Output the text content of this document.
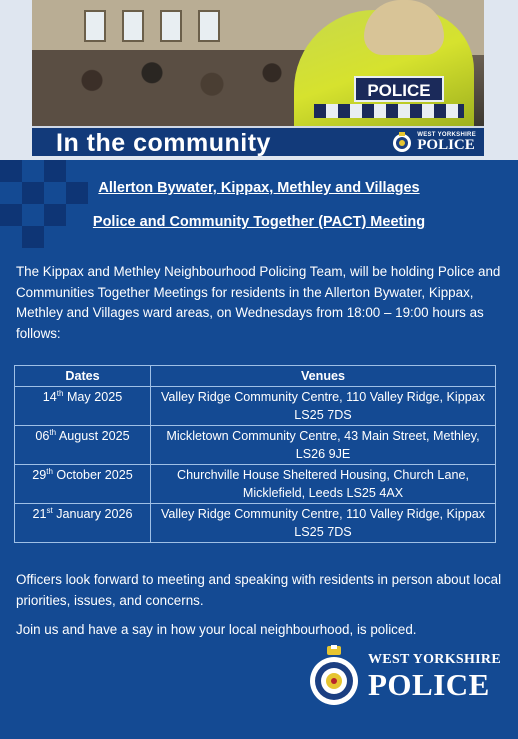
POLICE
In the community	WEST YORKSHIRE
POLICE
Allerton Bywater, Kippax, Methley and Villages
Police and Community Together (PACT) Meeting

The Kippax and Methley Neighbourhood Policing Team, will be holding Police and Communities Together Meetings for residents in the Allerton Bywater, Kippax, Methley and Villages ward areas, on Wednesdays from 18:00 – 19:00 hours as follows:

Dates	Venues
14th May 2025	Valley Ridge Community Centre, 110 Valley Ridge, Kippax LS25 7DS
06th August 2025	Mickletown Community Centre, 43 Main Street, Methley, LS26 9JE
29th October 2025	Churchville House Sheltered Housing, Church Lane, Micklefield, Leeds LS25 4AX
21st January 2026	Valley Ridge Community Centre, 110 Valley Ridge, Kippax LS25 7DS

Officers look forward to meeting and speaking with residents in person about local priorities, issues, and concerns.

Join us and have a say in how your local neighbourhood, is policed.

WEST YORKSHIRE
POLICE
